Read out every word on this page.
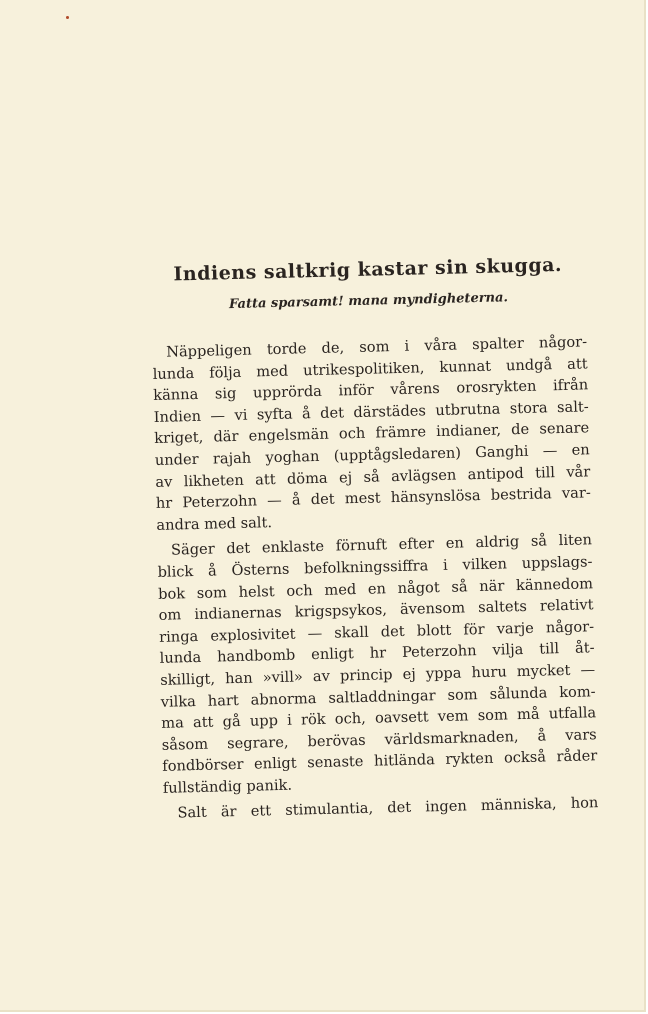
Indiens saltkrig kastar sin skugga.
Fatta sparsamt! mana myndigheterna.
Näppeligen torde de, som i våra spalter någor-
lunda följa med utrikespolitiken, kunnat undgå att
känna sig upprörda inför vårens orosrykten ifrån
Indien — vi syfta å det därstädes utbrutna stora salt-
kriget, där engelsmän och främre indianer, de senare
under rajah yoghan (upptågsledaren) Ganghi — en
av likheten att döma ej så avlägsen antipod till vår
hr Peterzohn — å det mest hänsynslösa bestrida var-
andra med salt.
Säger det enklaste förnuft efter en aldrig så liten
blick å Österns befolkningssiffra i vilken uppslags-
bok som helst och med en något så när kännedom
om indianernas krigspsykos, ävensom saltets relativt
ringa explosivitet — skall det blott för varje någor-
lunda handbomb enligt hr Peterzohn vilja till åt-
skilligt, han »vill» av princip ej yppa huru mycket —
vilka hart abnorma saltladdningar som sålunda kom-
ma att gå upp i rök och, oavsett vem som må utfalla
såsom segrare, berövas världsmarknaden, å vars
fondbörser enligt senaste hitlända rykten också råder
fullständig panik.
Salt är ett stimulantia, det ingen människa, hon
